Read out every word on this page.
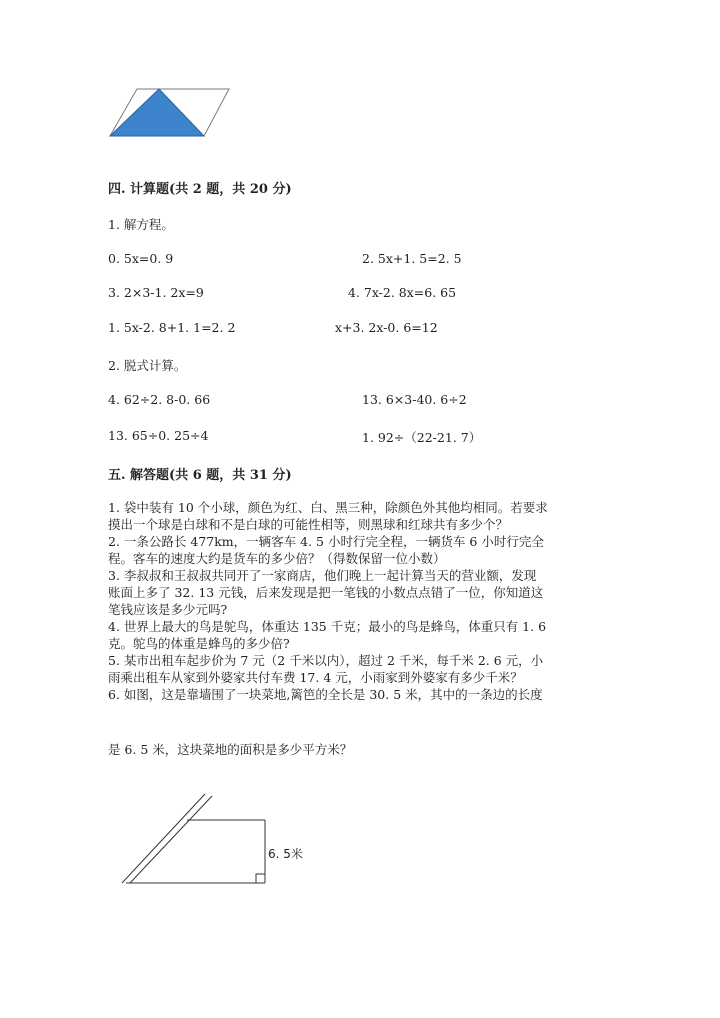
四. 计算题(共 2 题，共 20 分)
1. 解方程。
0. 5x=0. 9	2. 5x+1. 5=2. 5
3. 2×3-1. 2x=9	4. 7x-2. 8x=6. 65
1. 5x-2. 8+1. 1=2. 2	x+3. 2x-0. 6=12
2. 脱式计算。
4. 62÷2. 8-0. 66	13. 6×3-40. 6÷2
13. 65÷0. 25÷4	1. 92÷（22-21. 7）
五. 解答题(共 6 题，共 31 分)
1. 袋中装有 10 个小球，颜色为红、白、黑三种，除颜色外其他均相同。若要求
摸出一个球是白球和不是白球的可能性相等，则黑球和红球共有多少个？
2. 一条公路长 477km，一辆客车 4. 5 小时行完全程，一辆货车 6 小时行完全
程。客车的速度大约是货车的多少倍？（得数保留一位小数）
3. 李叔叔和王叔叔共同开了一家商店，他们晚上一起计算当天的营业额，发现
账面上多了 32. 13 元钱，后来发现是把一笔钱的小数点点错了一位，你知道这
笔钱应该是多少元吗?
4. 世界上最大的鸟是鸵鸟，体重达 135 千克；最小的鸟是蜂鸟，体重只有 1. 6
克。鸵鸟的体重是蜂鸟的多少倍?
5. 某市出租车起步价为 7 元（2 千米以内），超过 2 千米，每千米 2. 6 元，小
雨乘出租车从家到外婆家共付车费 17. 4 元，小雨家到外婆家有多少千米？
6. 如图，这是靠墙围了一块菜地,篱笆的全长是 30. 5 米，其中的一条边的长度
是 6. 5 米，这块菜地的面积是多少平方米？
6. 5米
